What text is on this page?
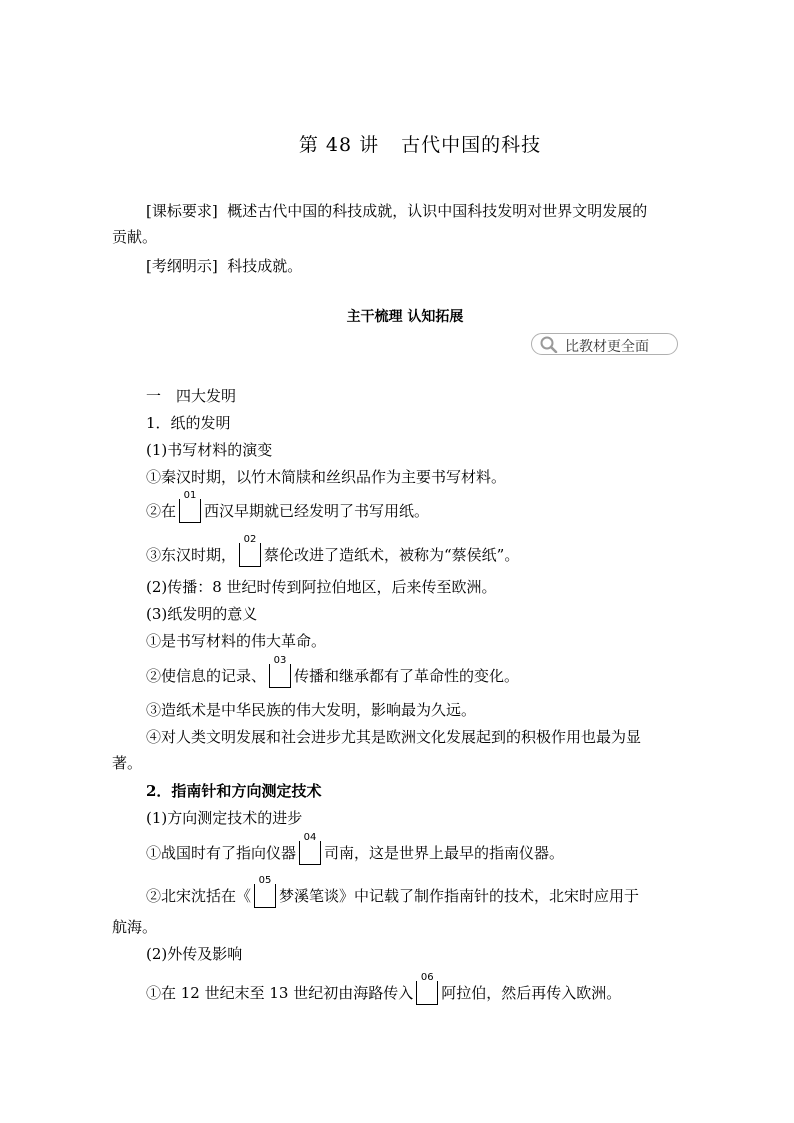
第 48 讲 古代中国的科技
[课标要求] 概述古代中国的科技成就，认识中国科技发明对世界文明发展的
贡献。
[考纲明示] 科技成就。
主干梳理 认知拓展
比教材更全面
一　四大发明
1．纸的发明
(1)书写材料的演变
①秦汉时期，以竹木简牍和丝织品作为主要书写材料。
②在
01
西汉早期就已经发明了书写用纸。
③东汉时期，
02
蔡伦改进了造纸术，被称为“蔡侯纸”。
(2)传播：8 世纪时传到阿拉伯地区，后来传至欧洲。
(3)纸发明的意义
①是书写材料的伟大革命。
②使信息的记录、
03
传播和继承都有了革命性的变化。
③造纸术是中华民族的伟大发明，影响最为久远。
④对人类文明发展和社会进步尤其是欧洲文化发展起到的积极作用也最为显
著。
2．指南针和方向测定技术
(1)方向测定技术的进步
①战国时有了指向仪器
04
司南，这是世界上最早的指南仪器。
②北宋沈括在《
05
梦溪笔谈》中记载了制作指南针的技术，北宋时应用于
航海。
(2)外传及影响
①在 12 世纪末至 13 世纪初由海路传入
06
阿拉伯，然后再传入欧洲。
